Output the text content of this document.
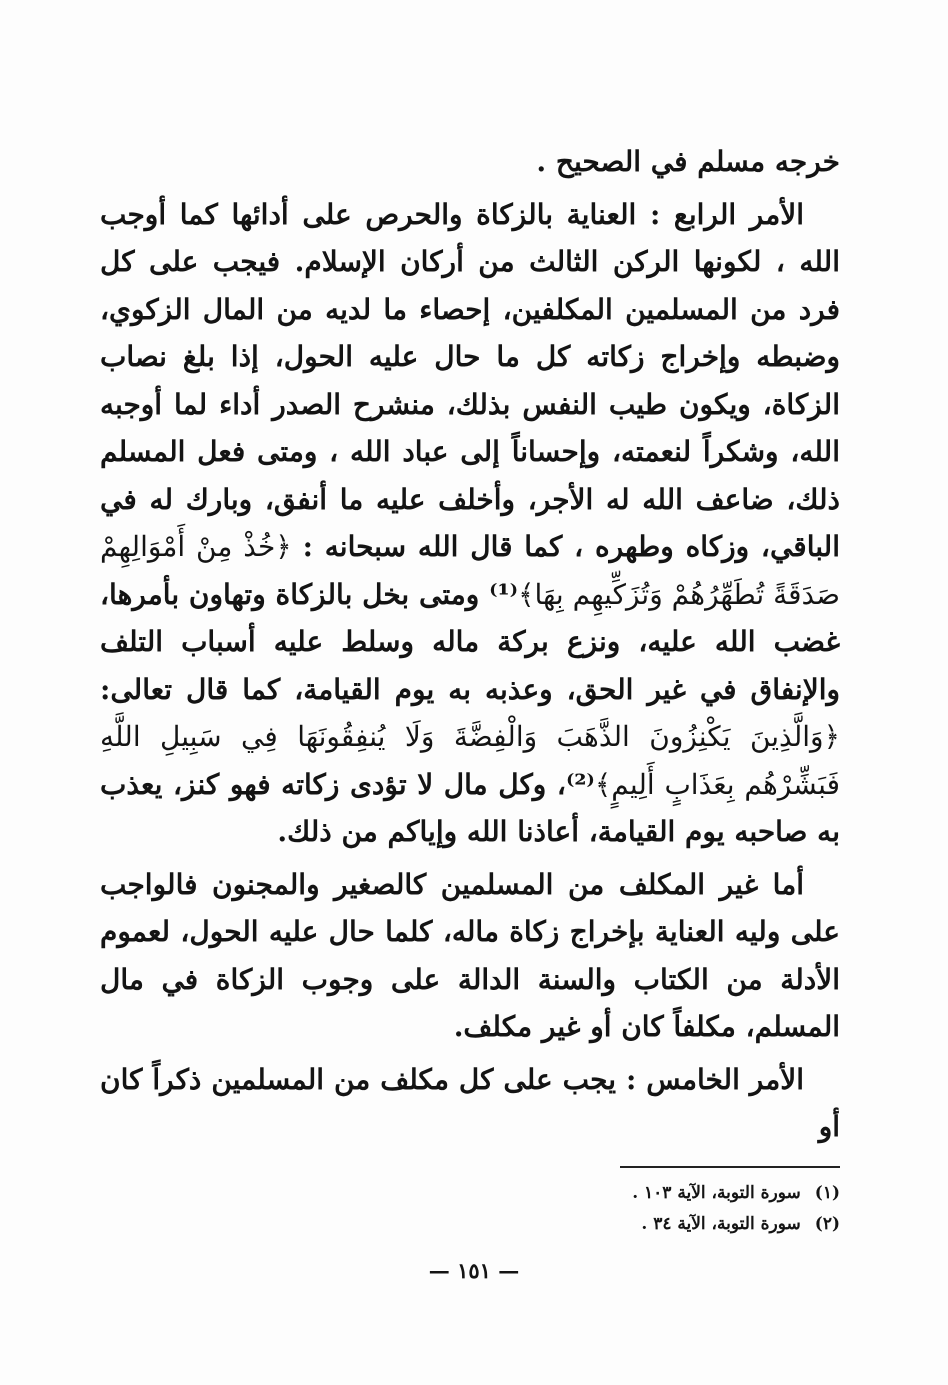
خرجه مسلم في الصحيح .

الأمر الرابع : العناية بالزكاة والحرص على أدائها كما أوجب الله ، لكونها الركن الثالث من أركان الإسلام. فيجب على كل فرد من المسلمين المكلفين، إحصاء ما لديه من المال الزكوي، وضبطه وإخراج زكاته كل ما حال عليه الحول، إذا بلغ نصاب الزكاة، ويكون طيب النفس بذلك، منشرح الصدر أداء لما أوجبه الله، وشكراً لنعمته، وإحساناً إلى عباد الله ، ومتى فعل المسلم ذلك، ضاعف الله له الأجر، وأخلف عليه ما أنفق، وبارك له في الباقي، وزكاه وطهره ، كما قال الله سبحانه : ﴿خُذْ مِنْ أَمْوَالِهِمْ صَدَقَةً تُطَهِّرُهُمْ وَتُزَكِّيهِم بِهَا﴾⁽¹⁾ ومتى بخل بالزكاة وتهاون بأمرها، غضب الله عليه، ونزع بركة ماله وسلط عليه أسباب التلف والإنفاق في غير الحق، وعذبه به يوم القيامة، كما قال تعالى: ﴿وَالَّذِينَ يَكْنِزُونَ الذَّهَبَ وَالْفِضَّةَ وَلَا يُنفِقُونَهَا فِي سَبِيلِ اللَّهِ فَبَشِّرْهُم بِعَذَابٍ أَلِيمٍ﴾⁽²⁾، وكل مال لا تؤدى زكاته فهو كنز، يعذب به صاحبه يوم القيامة، أعاذنا الله وإياكم من ذلك.

أما غير المكلف من المسلمين كالصغير والمجنون فالواجب على وليه العناية بإخراج زكاة ماله، كلما حال عليه الحول، لعموم الأدلة من الكتاب والسنة الدالة على وجوب الزكاة في مال المسلم، مكلفاً كان أو غير مكلف.

الأمر الخامس : يجب على كل مكلف من المسلمين ذكراً كان أو

(١)سورة التوبة، الآية ١٠٣ .
(٢)سورة التوبة، الآية ٣٤ .
— ١٥١ —
